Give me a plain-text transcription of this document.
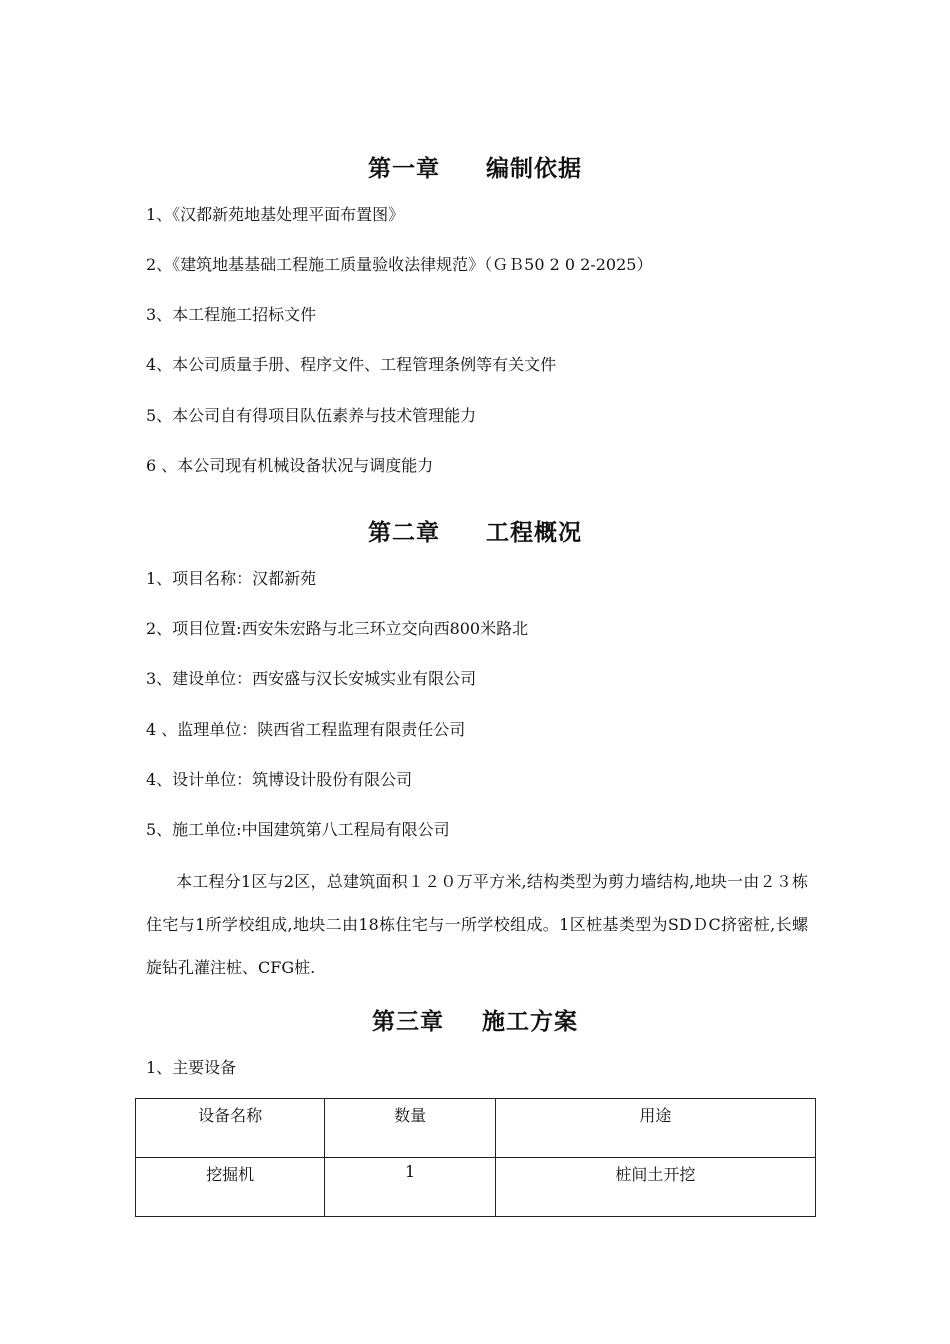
第一章 编制依据

1、《汉都新苑地基处理平面布置图》

2、《建筑地基基础工程施工质量验收法律规范》（ＧＢ50 2 0 2-2025）

3、本工程施工招标文件

4、本公司质量手册、程序文件、工程管理条例等有关文件

5、本公司自有得项目队伍素养与技术管理能力

6 、本公司现有机械设备状况与调度能力

第二章 工程概况

1、项目名称：汉都新苑

2、项目位置:西安朱宏路与北三环立交向西800米路北

3、建设单位：西安盛与汉长安城实业有限公司

4 、监理单位：陕西省工程监理有限责任公司

4、设计单位：筑博设计股份有限公司

5、施工单位:中国建筑第八工程局有限公司

本工程分1区与2区，总建筑面积１２０万平方米,结构类型为剪力墙结构,地块一由２３栋住宅与1所学校组成,地块二由18栋住宅与一所学校组成。1区桩基类型为SDＤC挤密桩,长螺旋钻孔灌注桩、CFG桩.

第三章 施工方案

1、主要设备

设备名称	数量	用途
挖掘机	1	桩间土开挖
